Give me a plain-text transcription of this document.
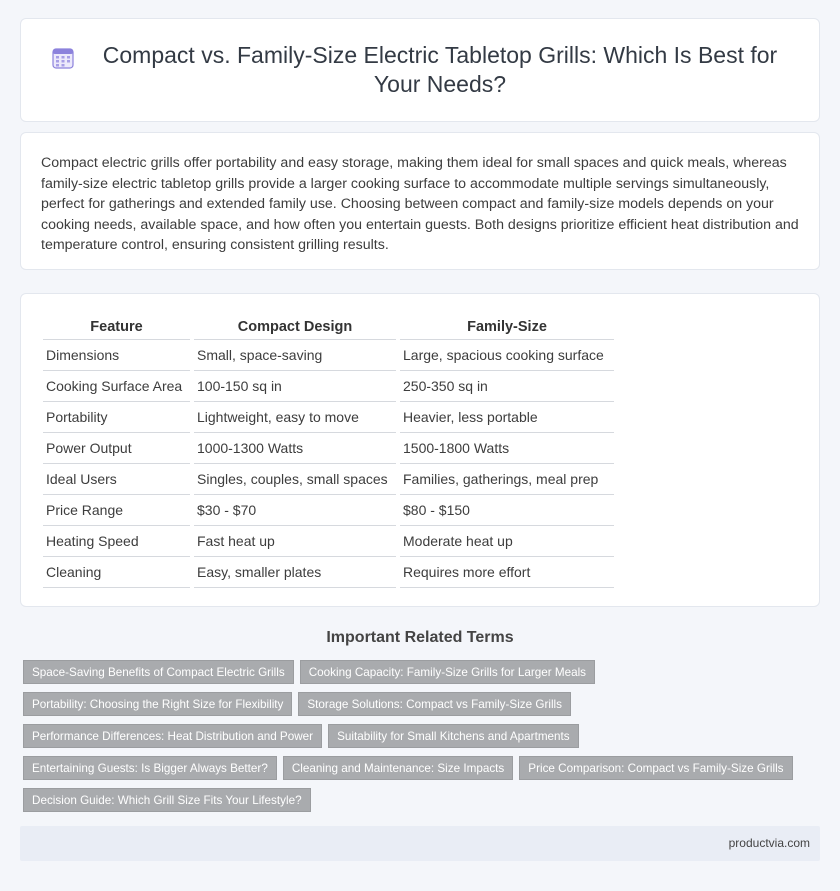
Compact vs. Family-Size Electric Tabletop Grills: Which Is Best for Your Needs?

Compact electric grills offer portability and easy storage, making them ideal for small spaces and quick meals, whereas family-size electric tabletop grills provide a larger cooking surface to accommodate multiple servings simultaneously, perfect for gatherings and extended family use. Choosing between compact and family-size models depends on your cooking needs, available space, and how often you entertain guests. Both designs prioritize efficient heat distribution and temperature control, ensuring consistent grilling results.

Feature	Compact Design	Family-Size
Dimensions	Small, space-saving	Large, spacious cooking surface
Cooking Surface Area	100-150 sq in	250-350 sq in
Portability	Lightweight, easy to move	Heavier, less portable
Power Output	1000-1300 Watts	1500-1800 Watts
Ideal Users	Singles, couples, small spaces	Families, gatherings, meal prep
Price Range	$30 - $70	$80 - $150
Heating Speed	Fast heat up	Moderate heat up
Cleaning	Easy, smaller plates	Requires more effort
Important Related Terms
Space-Saving Benefits of Compact Electric Grills Cooking Capacity: Family-Size Grills for Larger Meals
Portability: Choosing the Right Size for Flexibility Storage Solutions: Compact vs Family-Size Grills
Performance Differences: Heat Distribution and Power Suitability for Small Kitchens and Apartments
Entertaining Guests: Is Bigger Always Better? Cleaning and Maintenance: Size Impacts Price Comparison: Compact vs Family-Size Grills
Decision Guide: Which Grill Size Fits Your Lifestyle?
productvia.com
